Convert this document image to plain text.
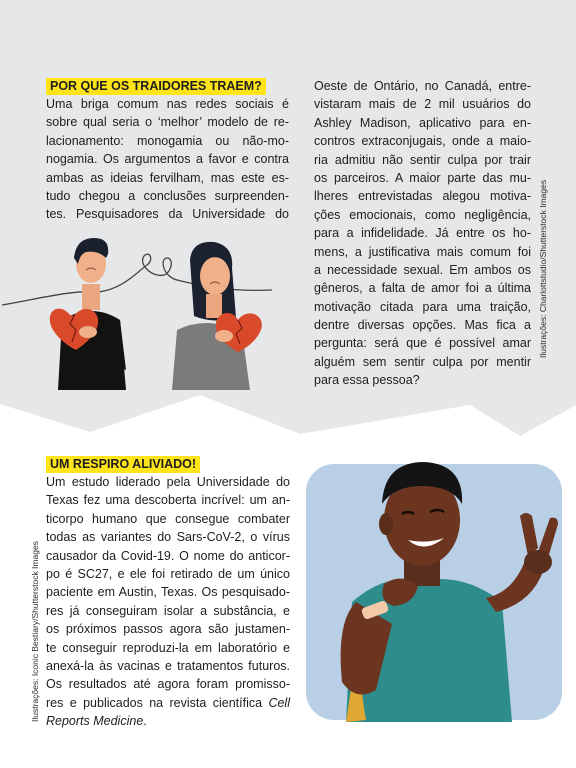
POR QUE OS TRAIDORES TRAEM?
Uma briga comum nas redes sociais é
sobre qual seria o ‘melhor’ modelo de re-
lacionamento: monogamia ou não-mo-
nogamia. Os argumentos a favor e contra
ambas as ideias fervilham, mas este es-
tudo chegou a conclusões surpreenden-
tes. Pesquisadores da Universidade do
Oeste de Ontário, no Canadá, entre-
vistaram mais de 2 mil usuários do
Ashley Madison, aplicativo para en-
contros extraconjugais, onde a maio-
ria admitiu não sentir culpa por trair
os parceiros. A maior parte das mu-
lheres entrevistadas alegou motiva-
ções emocionais, como negligência,
para a infidelidade. Já entre os ho-
mens, a justificativa mais comum foi
a necessidade sexual. Em ambos os
gêneros, a falta de amor foi a última
motivação citada para uma traição,
dentre diversas opções. Mas fica a
pergunta: será que é possível amar
alguém sem sentir culpa por mentir
para essa pessoa?
Ilustrações: Charlottstudio/Shutterstock Images
UM RESPIRO ALIVIADO!
Um estudo liderado pela Universidade do
Texas fez uma descoberta incrível: um an-
ticorpo humano que consegue combater
todas as variantes do Sars-CoV-2, o vírus
causador da Covid-19. O nome do anticor-
po é SC27, e ele foi retirado de um único
paciente em Austin, Texas. Os pesquisado-
res já conseguiram isolar a substância, e
os próximos passos agora são justamen-
te conseguir reproduzi-la em laboratório e
anexá-la às vacinas e tratamentos futuros.
Os resultados até agora foram promisso-
res e publicados na revista científica Cell
Reports Medicine.
Ilustrações: Iconic Bestiary/Shutterstock Images
